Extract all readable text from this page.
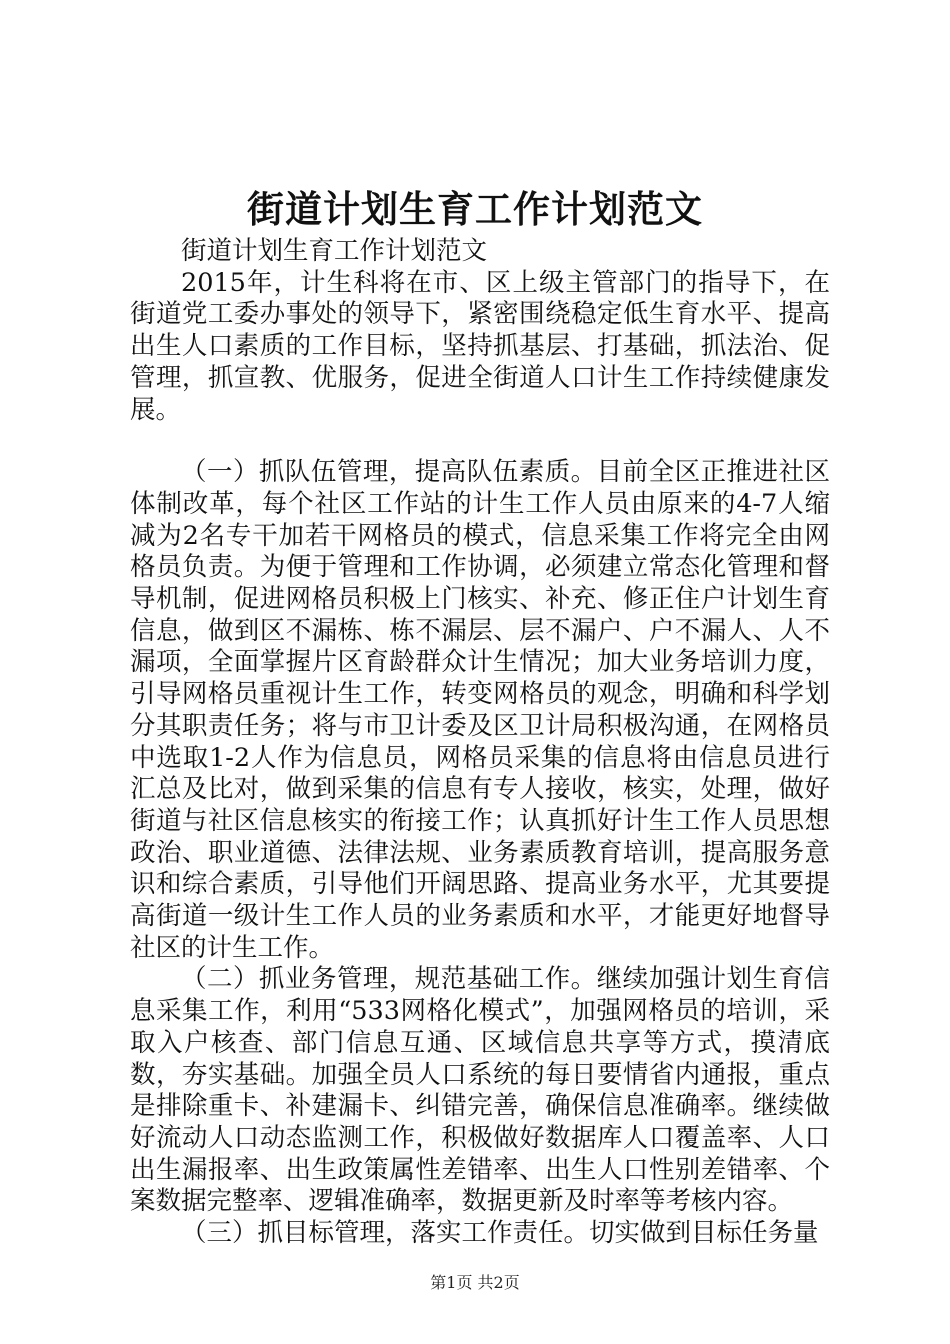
街道计划生育工作计划范文

街道计划生育工作计划范文

2015年，计生科将在市、区上级主管部门的指导下，在街道党工委办事处的领导下，紧密围绕稳定低生育水平、提高出生人口素质的工作目标，坚持抓基层、打基础，抓法治、促管理，抓宣教、优服务，促进全街道人口计生工作持续健康发展。

（一）抓队伍管理，提高队伍素质。目前全区正推进社区体制改革，每个社区工作站的计生工作人员由原来的4-7人缩减为2名专干加若干网格员的模式，信息采集工作将完全由网格员负责。为便于管理和工作协调，必须建立常态化管理和督导机制，促进网格员积极上门核实、补充、修正住户计划生育信息，做到区不漏栋、栋不漏层、层不漏户、户不漏人、人不漏项，全面掌握片区育龄群众计生情况；加大业务培训力度，引导网格员重视计生工作，转变网格员的观念，明确和科学划分其职责任务；将与市卫计委及区卫计局积极沟通，在网格员中选取1-2人作为信息员，网格员采集的信息将由信息员进行汇总及比对，做到采集的信息有专人接收，核实，处理，做好街道与社区信息核实的衔接工作；认真抓好计生工作人员思想政治、职业道德、法律法规、业务素质教育培训，提高服务意识和综合素质，引导他们开阔思路、提高业务水平，尤其要提高街道一级计生工作人员的业务素质和水平，才能更好地督导社区的计生工作。

（二）抓业务管理，规范基础工作。继续加强计划生育信息采集工作，利用“533网格化模式”，加强网格员的培训，采取入户核查、部门信息互通、区域信息共享等方式，摸清底数，夯实基础。加强全员人口系统的每日要情省内通报，重点是排除重卡、补建漏卡、纠错完善，确保信息准确率。继续做好流动人口动态监测工作，积极做好数据库人口覆盖率、人口出生漏报率、出生政策属性差错率、出生人口性别差错率、个案数据完整率、逻辑准确率，数据更新及时率等考核内容。

（三）抓目标管理，落实工作责任。切实做到目标任务量

第1页 共2页
